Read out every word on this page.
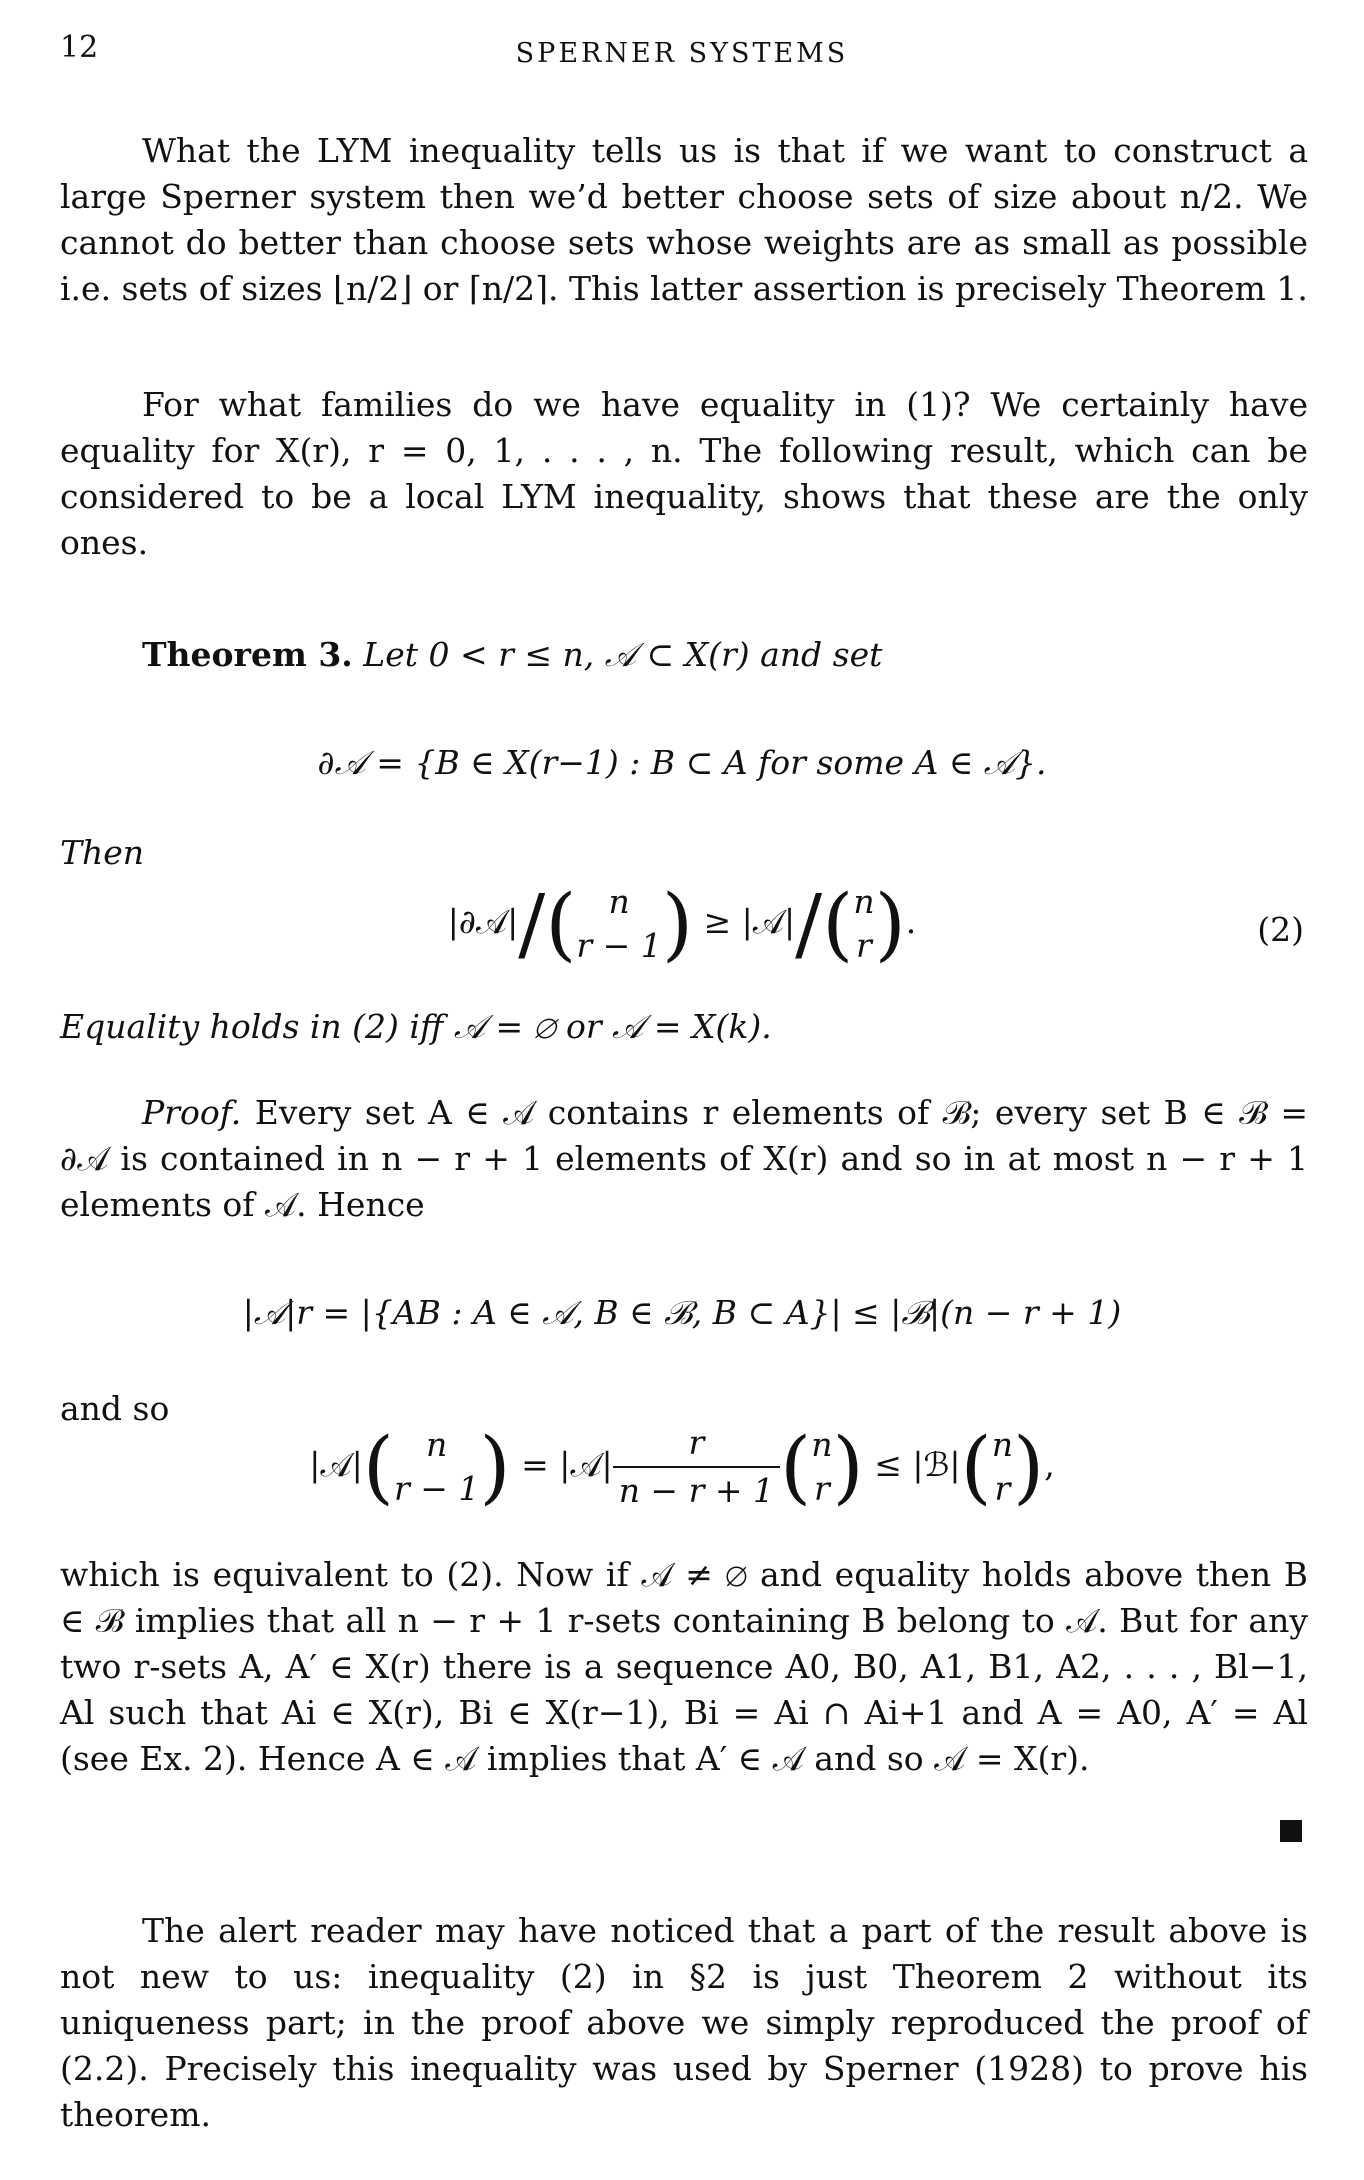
12	SPERNER SYSTEMS

What the LYM inequality tells us is that if we want to construct a large Sperner system then we’d better choose sets of size about n/2. We cannot do better than choose sets whose weights are as small as possible i.e. sets of sizes ⌊n/2⌋ or ⌈n/2⌉. This latter assertion is precisely Theorem 1.

For what families do we have equality in (1)? We certainly have equality for X(r), r = 0, 1, . . . , n. The following result, which can be considered to be a local LYM inequality, shows that these are the only ones.

Theorem 3. Let 0 < r ≤ n, 𝒜 ⊂ X(r) and set
∂𝒜 = {B ∈ X(r−1) : B ⊂ A for some A ∈ 𝒜}.
Then
|∂𝒜|/( n
r − 1) ≥ |𝒜|/(n
r).	(2)
Equality holds in (2) iff 𝒜 = ∅ or 𝒜 = X(k).
Proof. Every set A ∈ 𝒜 contains r elements of ℬ; every set B ∈ ℬ = ∂𝒜 is contained in n − r + 1 elements of X(r) and so in at most n − r + 1 elements of 𝒜. Hence
|𝒜|r = |{AB : A ∈ 𝒜, B ∈ ℬ, B ⊂ A}| ≤ |ℬ|(n − r + 1)
and so
|𝒜|( n
r − 1) = |𝒜| $\frac{r}{n - r + 1} (n$
r) ≤ |ℬ|(n
r),

which is equivalent to (2). Now if 𝒜 ≠ ∅ and equality holds above then B ∈ ℬ implies that all n − r + 1 r-sets containing B belong to 𝒜. But for any two r-sets A, A′ ∈ X(r) there is a sequence A0, B0, A1, B1, A2, . . . , Bl−1, Al such that Ai ∈ X(r), Bi ∈ X(r−1), Bi = Ai ∩ Ai+1 and A = A0, A′ = Al (see Ex. 2). Hence A ∈ 𝒜 implies that A′ ∈ 𝒜 and so 𝒜 = X(r).

The alert reader may have noticed that a part of the result above is not new to us: inequality (2) in §2 is just Theorem 2 without its uniqueness part; in the proof above we simply reproduced the proof of (2.2). Precisely this inequality was used by Sperner (1928) to prove his theorem.
